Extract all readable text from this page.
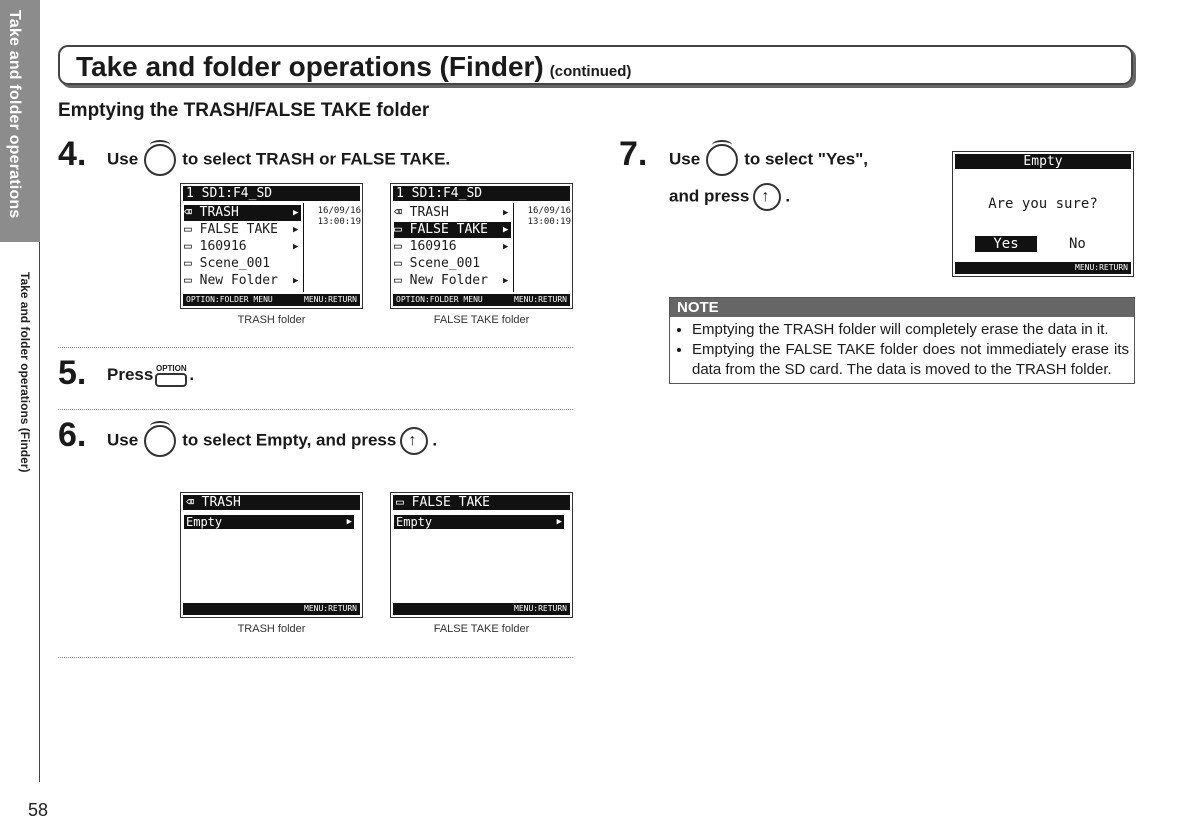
Take and folder operations
Take and folder operations (Finder)
58
Take and folder operations (Finder) (continued)
Emptying the TRASH/FALSE TAKE folder
4. Use	to select TRASH or FALSE TAKE.
1 SD1:F4_SD
⌫ TRASH
▭ FALSE TAKE
▭ 160916
▭ Scene_001
▭ New Folder
▶
▶
▶
▶
16/09/16
13:00:19
OPTION:FOLDER MENU	MENU:RETURN
TRASH folder
1 SD1:F4_SD
⌫ TRASH
▭ FALSE TAKE
▭ 160916
▭ Scene_001
▭ New Folder
▶
▶
▶
▶
16/09/16
13:00:19
OPTION:FOLDER MENU	MENU:RETURN
FALSE TAKE folder
5. Press OPTION .
6. Use	to select Empty, and press ↑ .
⌫ TRASH
Empty	▶
MENU:RETURN
TRASH folder
▭ FALSE TAKE
Empty	▶
MENU:RETURN
FALSE TAKE folder
7. Use	to select "Yes",
and press ↑ .
Empty
Are you sure?
Yes	No
MENU:RETURN
NOTE
• Emptying the TRASH folder will completely erase the data in it.
• Emptying the FALSE TAKE folder does not immediately erase its data from the SD card. The data is moved to the TRASH folder.
